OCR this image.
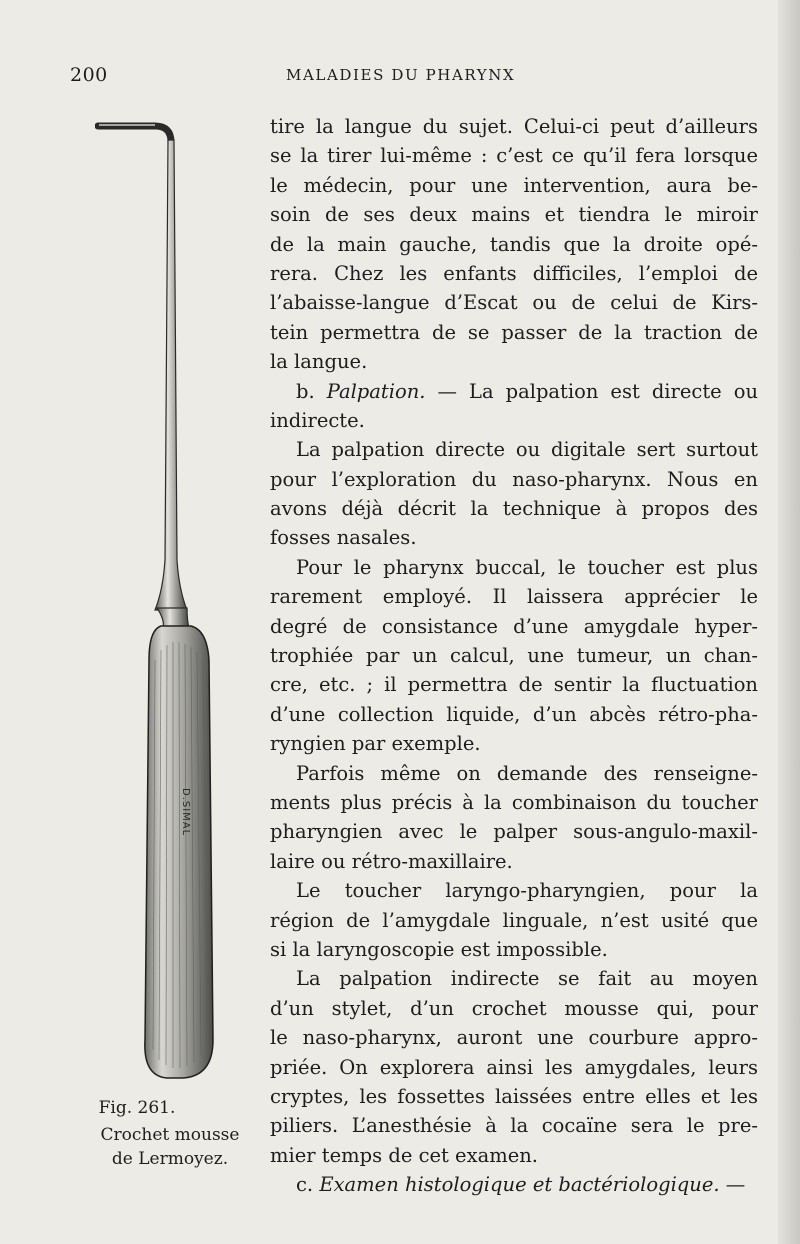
200	MALADIES DU PHARYNX
D.SIMAL
Fig. 261.
Crochet mousse
de Lermoyez.
tire la langue du sujet. Celui-ci peut d’ailleurs
se la tirer lui-même : c’est ce qu’il fera lorsque
le médecin, pour une intervention, aura be-
soin de ses deux mains et tiendra le miroir
de la main gauche, tandis que la droite opé-
rera. Chez les enfants difficiles, l’emploi de
l’abaisse-langue d’Escat ou de celui de Kirs-
tein permettra de se passer de la traction de
la langue.
b. Palpation. — La palpation est directe ou
indirecte.
La palpation directe ou digitale sert surtout
pour l’exploration du naso-pharynx. Nous en
avons déjà décrit la technique à propos des
fosses nasales.
Pour le pharynx buccal, le toucher est plus
rarement employé. Il laissera apprécier le
degré de consistance d’une amygdale hyper-
trophiée par un calcul, une tumeur, un chan-
cre, etc. ; il permettra de sentir la fluctuation
d’une collection liquide, d’un abcès rétro-pha-
ryngien par exemple.
Parfois même on demande des renseigne-
ments plus précis à la combinaison du toucher
pharyngien avec le palper sous-angulo-maxil-
laire ou rétro-maxillaire.
Le toucher laryngo-pharyngien, pour la
région de l’amygdale linguale, n’est usité que
si la laryngoscopie est impossible.
La palpation indirecte se fait au moyen
d’un stylet, d’un crochet mousse qui, pour
le naso-pharynx, auront une courbure appro-
priée. On explorera ainsi les amygdales, leurs
cryptes, les fossettes laissées entre elles et les
piliers. L’anesthésie à la cocaïne sera le pre-
mier temps de cet examen.
c. Examen histologique et bactériologique. —
